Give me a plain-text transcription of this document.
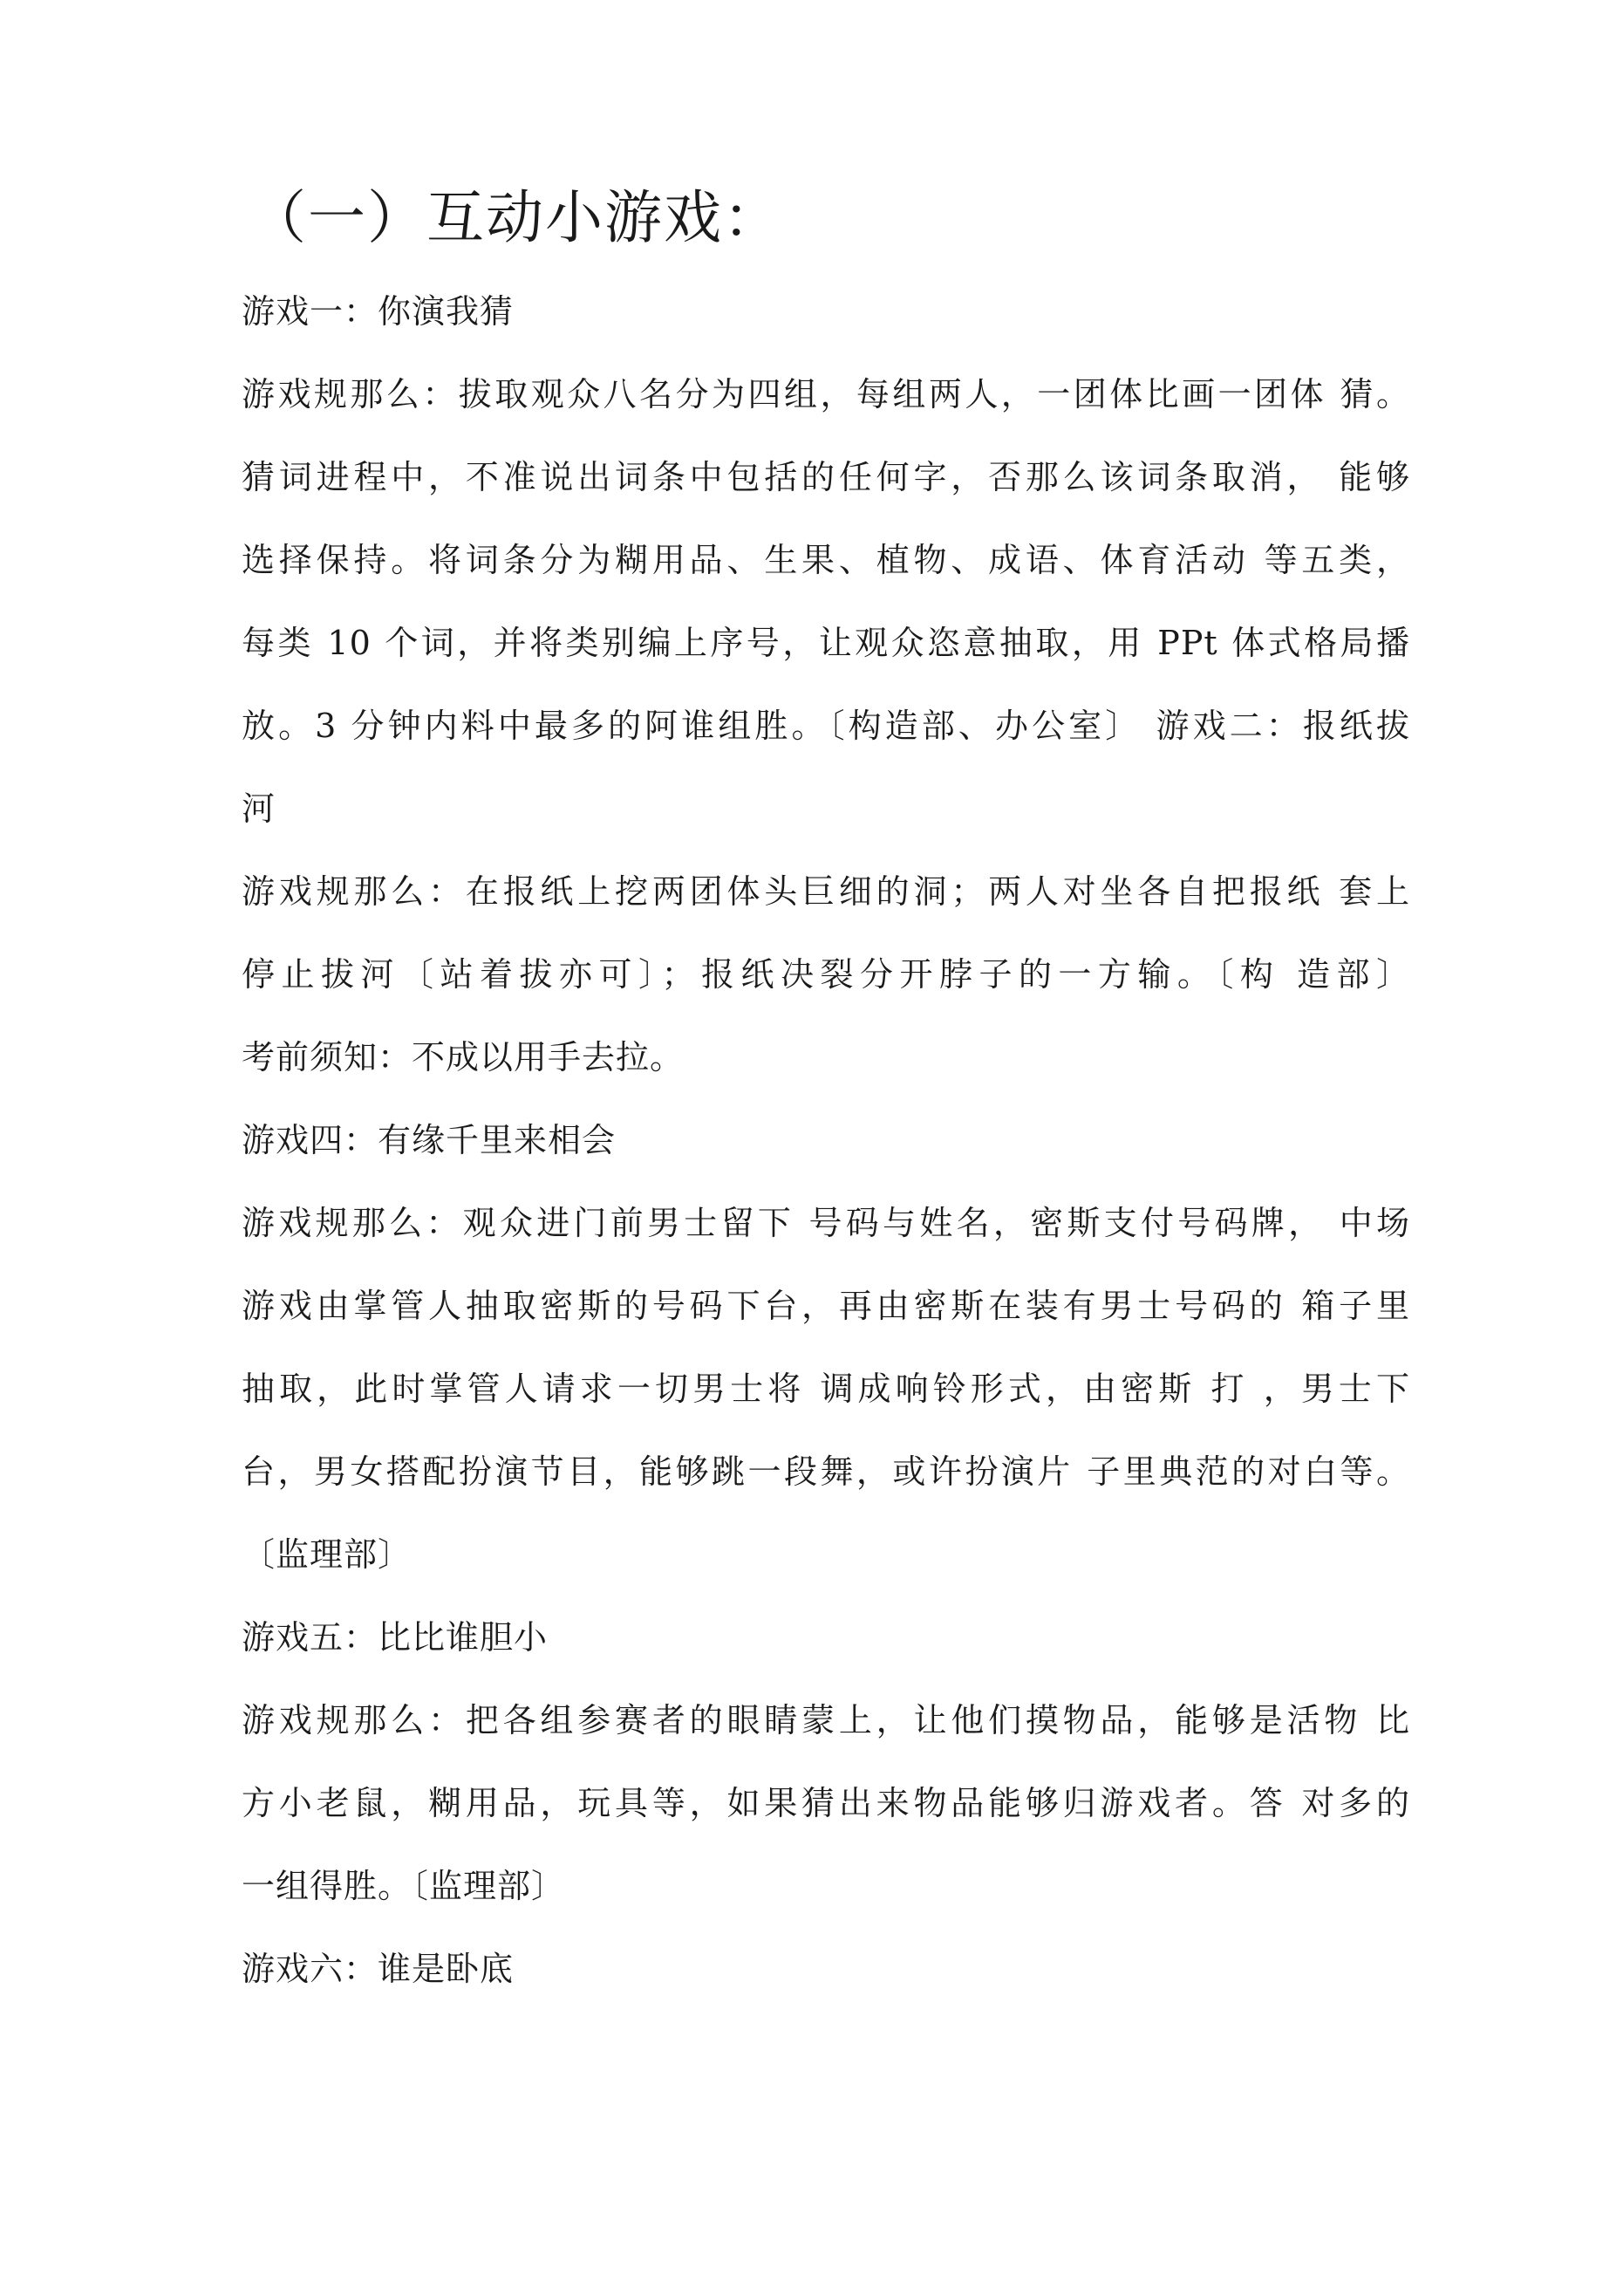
（一）互动小游戏：

游戏一：你演我猜

游戏规那么：拔取观众八名分为四组，每组两人，一团体比画一团体 猜。

猜词进程中，不准说出词条中包括的任何字，否那么该词条取消， 能够

选择保持。将词条分为糊用品、生果、植物、成语、体育活动 等五类，

每类 10 个词，并将类别编上序号，让观众恣意抽取，用 PPt 体式格局播

放。3 分钟内料中最多的阿谁组胜。〔构造部、办公室〕 游戏二：报纸拔

河

游戏规那么：在报纸上挖两团体头巨细的洞；两人对坐各自把报纸 套上

停止拔河〔站着拔亦可〕；报纸决裂分开脖子的一方输。〔构 造部〕

考前须知：不成以用手去拉。

游戏四：有缘千里来相会

游戏规那么：观众进门前男士留下 号码与姓名，密斯支付号码牌， 中场

游戏由掌管人抽取密斯的号码下台，再由密斯在装有男士号码的 箱子里

抽取，此时掌管人请求一切男士将 调成响铃形式，由密斯 打 ，男士下

台，男女搭配扮演节目，能够跳一段舞，或许扮演片 子里典范的对白等。

〔监理部〕

游戏五：比比谁胆小

游戏规那么：把各组参赛者的眼睛蒙上，让他们摸物品，能够是活物 比

方小老鼠，糊用品，玩具等，如果猜出来物品能够归游戏者。答 对多的

一组得胜。〔监理部〕

游戏六：谁是卧底
